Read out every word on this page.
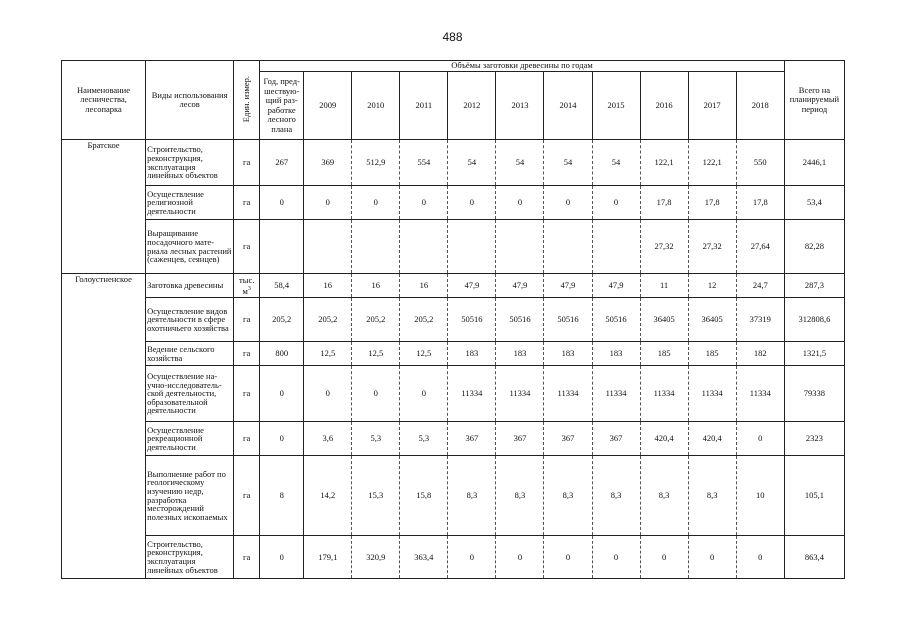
488
Наименование лесничества, лесопарка	Виды использования лесов	Един. измер.	Объёмы заготовки древесины по годам											Всего на планируемый период
			Год, пред-шествую-щий раз-работке лесного плана	2009	2010	2011	2012	2013	2014	2015	2016	2017	2018	
Братское	Строительство, реконструкция, эксплуатация линейных объектов	га	267	369	512,9	554	54	54	54	54	122,1	122,1	550	2446,1
	Осуществление религиозной деятельности	га	0	0	0	0	0	0	0	0	17,8	17,8	17,8	53,4
	Выращивание посадочного мате-риала лесных растений (саженцев, сеянцев)	га									27,32	27,32	27,64	82,28
Голоустненское	Заготовка древесины	тыс. $м^3$	58,4	16	16	16	47,9	47,9	47,9	47,9	11	12	24,7	287,3
	Осуществление видов деятельности в сфере охотничьего хозяйства	га	205,2	205,2	205,2	205,2	50516	50516	50516	50516	36405	36405	37319	312808,6
	Ведение сельского хозяйства	га	800	12,5	12,5	12,5	183	183	183	183	185	185	182	1321,5
	Осуществление на-учно-исследователь-ской деятельности, образовательной деятельности	га	0	0	0	0	11334	11334	11334	11334	11334	11334	11334	79338
	Осуществление рекреационной деятельности	га	0	3,6	5,3	5,3	367	367	367	367	420,4	420,4	0	2323
	Выполнение работ по геологическому изучению недр, разработка месторождений полезных ископаемых	га	8	14,2	15,3	15,8	8,3	8,3	8,3	8,3	8,3	8,3	10	105,1
	Строительство, реконструкция, эксплуатация линейных объектов	га	0	179,1	320,9	363,4	0	0	0	0	0	0	0	863,4
